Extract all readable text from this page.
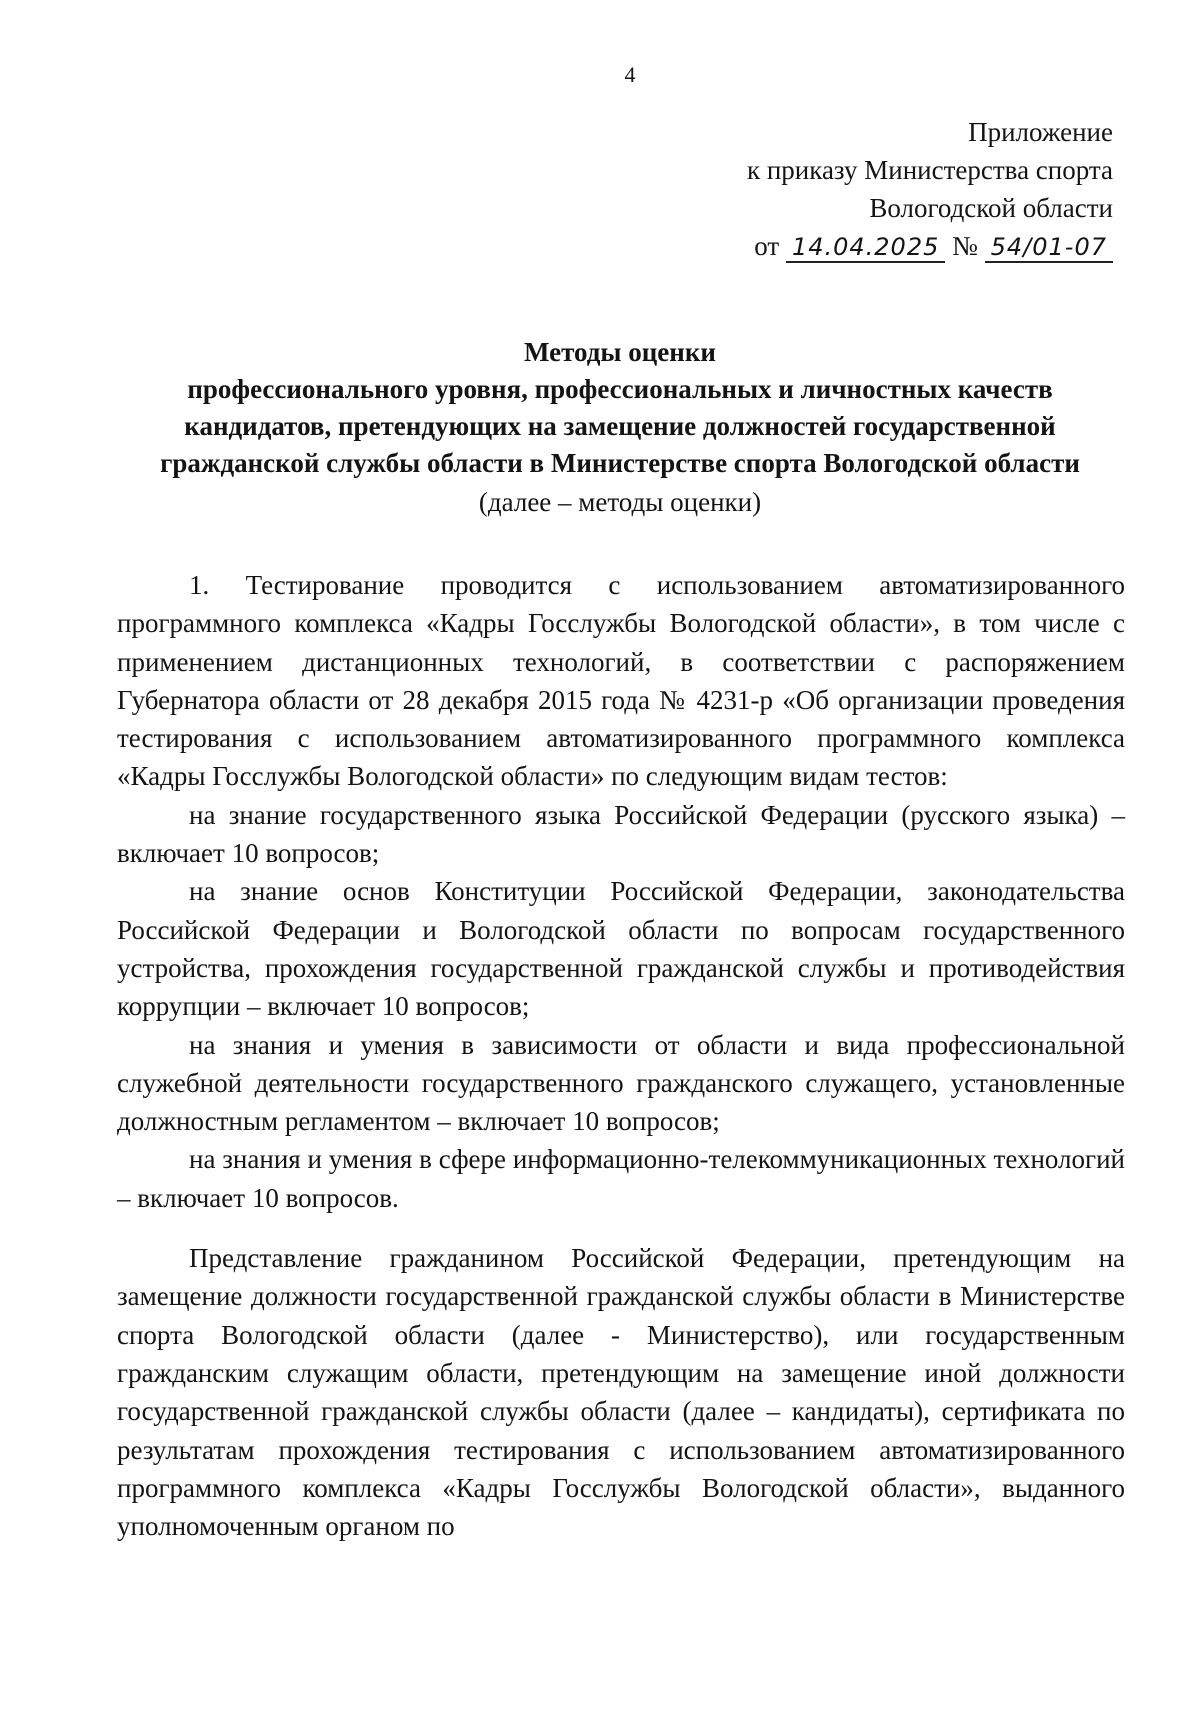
4
Приложение
к приказу Министерства спорта
Вологодской области
от 14.04.2025 № 54/01-07
Методы оценки
профессионального уровня, профессиональных и личностных качеств
кандидатов, претендующих на замещение должностей государственной
гражданской службы области в Министерстве спорта Вологодской области
(далее – методы оценки)

1. Тестирование проводится с использованием автоматизированного программного комплекса «Кадры Госслужбы Вологодской области», в том числе с применением дистанционных технологий, в соответствии с распоряжением Губернатора области от 28 декабря 2015 года № 4231-р «Об организации проведения тестирования с использованием автоматизированного программного комплекса «Кадры Госслужбы Вологодской области» по следующим видам тестов:

на знание государственного языка Российской Федерации (русского языка) – включает 10 вопросов;

на знание основ Конституции Российской Федерации, законодательства Российской Федерации и Вологодской области по вопросам государственного устройства, прохождения государственной гражданской службы и противодействия коррупции – включает 10 вопросов;

на знания и умения в зависимости от области и вида профессиональной служебной деятельности государственного гражданского служащего, установленные должностным регламентом – включает 10 вопросов;

на знания и умения в сфере информационно-телекоммуникационных технологий – включает 10 вопросов.

Представление гражданином Российской Федерации, претендующим на замещение должности государственной гражданской службы области в Министерстве спорта Вологодской области (далее - Министерство), или государственным гражданским служащим области, претендующим на замещение иной должности государственной гражданской службы области (далее – кандидаты), сертификата по результатам прохождения тестирования с использованием автоматизированного программного комплекса «Кадры Госслужбы Вологодской области», выданного уполномоченным органом по
